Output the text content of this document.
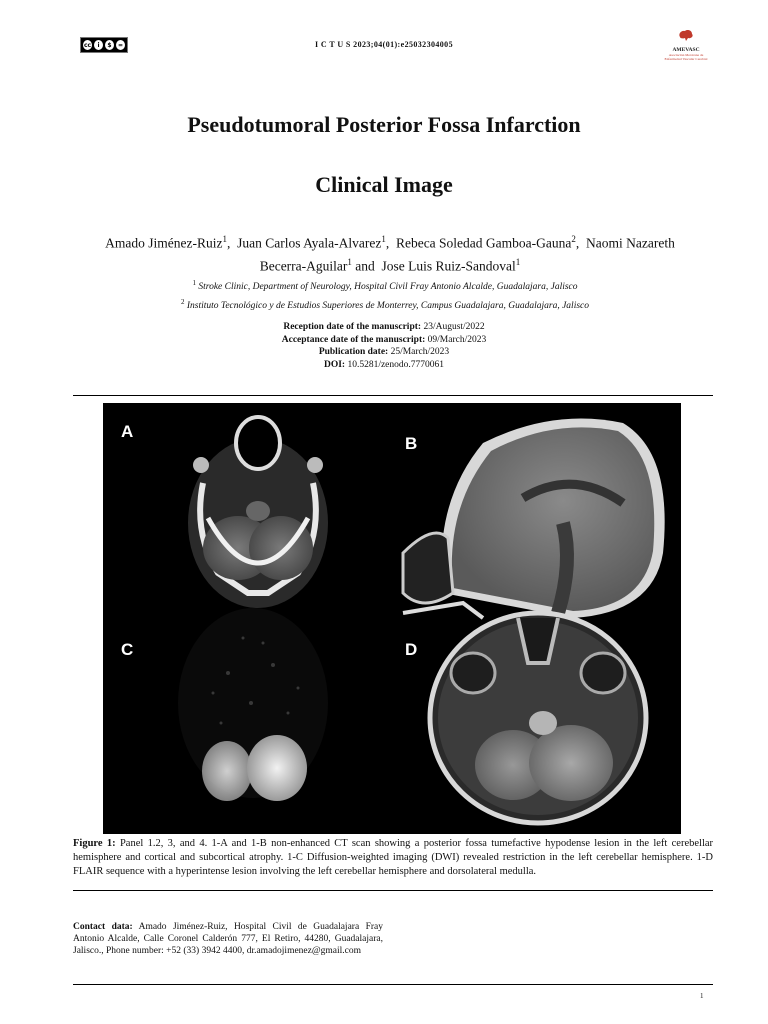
cc	i	$	=	I C T U S 2023;04(01):e25032304005
AMEVASC
Asociación Mexicana de Enfermedad Vascular Cerebral
Pseudotumoral Posterior Fossa Infarction
Clinical Image
Amado Jiménez-Ruiz$^1$,  Juan Carlos Ayala-Alvarez$^1$,  Rebeca Soledad Gamboa-Gauna$^2$,  Naomi Nazareth Becerra-Aguilar$^1$ and  Jose Luis Ruiz-Sandoval$^1$
$^1$ Stroke Clinic, Department of Neurology, Hospital Civil Fray Antonio Alcalde, Guadalajara, Jalisco
$^2$ Instituto Tecnológico y de Estudios Superiores de Monterrey, Campus Guadalajara, Guadalajara, Jalisco
Reception date of the manuscript: 23/August/2022
Acceptance date of the manuscript: 09/March/2023
Publication date: 25/March/2023
DOI: 10.5281/zenodo.7770061
A
B
C	D
Figure 1: Panel 1.2, 3, and 4. 1-A and 1-B non-enhanced CT scan showing a posterior fossa tumefactive hypodense lesion in the left cerebellar hemisphere and cortical and subcortical atrophy. 1-C Diffusion-weighted imaging (DWI) revealed restriction in the left cerebellar hemisphere. 1-D FLAIR sequence with a hyperintense lesion involving the left cerebellar hemisphere and dorsolateral medulla.
Contact data: Amado Jiménez-Ruiz, Hospital Civil de Guadalajara Fray Antonio Alcalde, Calle Coronel Calderón 777, El Retiro, 44280, Guadalajara, Jalisco., Phone number: +52 (33) 3942 4400, dr.amadojimenez@gmail.com
1
